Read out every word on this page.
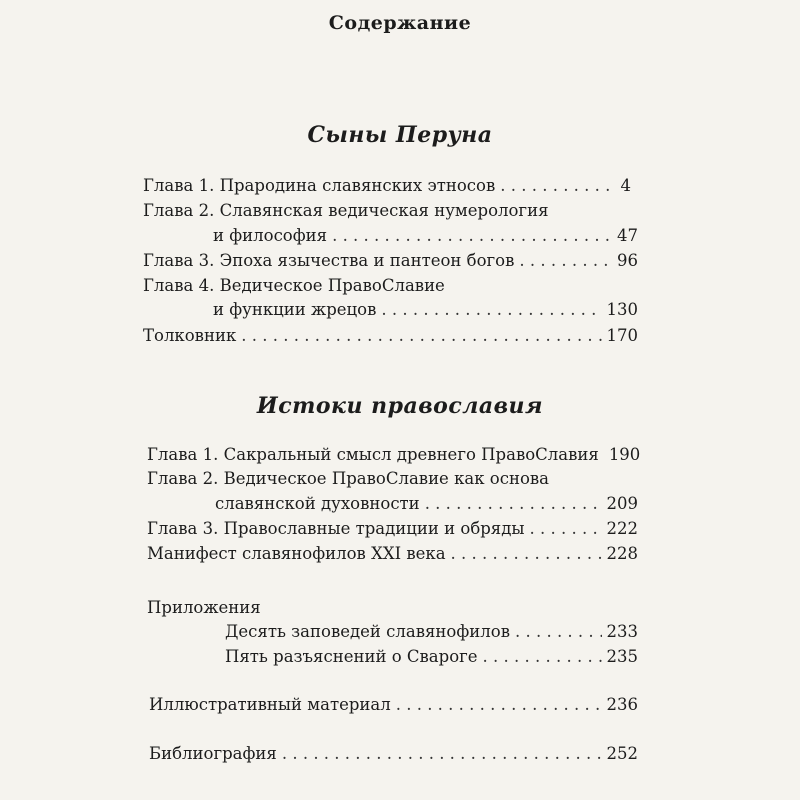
Содержание

Сыны Перуна
Глава 1. Прародина славянских этносов . . .	4
Глава 2. Славянская ведическая нумерология
и философия . . .	47
Глава 3. Эпоха язычества и пантеон богов . . .	96
Глава 4. Ведическое ПравоСлавие
и функции жрецов . . .	130
Толковник . . .	170
Истоки православия
Глава 1. Сакральный смысл древнего ПравоСлавия 190
Глава 2. Ведическое ПравоСлавие как основа
славянской духовности . . .	209
Глава 3. Православные традиции и обряды . . .	222
Манифест славянофилов XXI века . . .	228
Приложения
Десять заповедей славянофилов . . .	233
Пять разъяснений о Свароге . . .	235
Иллюстративный материал . . .	236
Библиография . . .	252
